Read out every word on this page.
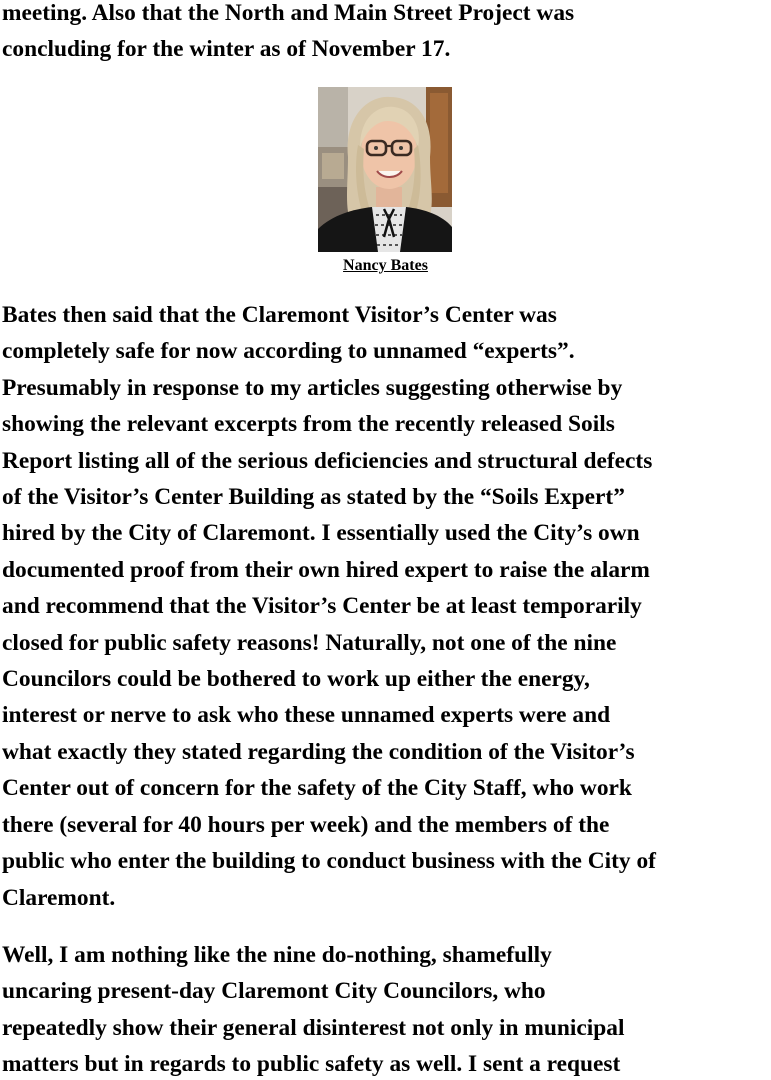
meeting. Also that the North and Main Street Project was
concluding for the winter as of November 17.

Nancy Bates

Bates then said that the Claremont Visitor’s Center was
completely safe for now according to unnamed “experts”.
Presumably in response to my articles suggesting otherwise by
showing the relevant excerpts from the recently released Soils
Report listing all of the serious deficiencies and structural defects
of the Visitor’s Center Building as stated by the “Soils Expert”
hired by the City of Claremont. I essentially used the City’s own
documented proof from their own hired expert to raise the alarm
and recommend that the Visitor’s Center be at least temporarily
closed for public safety reasons! Naturally, not one of the nine
Councilors could be bothered to work up either the energy,
interest or nerve to ask who these unnamed experts were and
what exactly they stated regarding the condition of the Visitor’s
Center out of concern for the safety of the City Staff, who work
there (several for 40 hours per week) and the members of the
public who enter the building to conduct business with the City of
Claremont.

Well, I am nothing like the nine do-nothing, shamefully
uncaring present-day Claremont City Councilors, who
repeatedly show their general disinterest not only in municipal
matters but in regards to public safety as well. I sent a request
